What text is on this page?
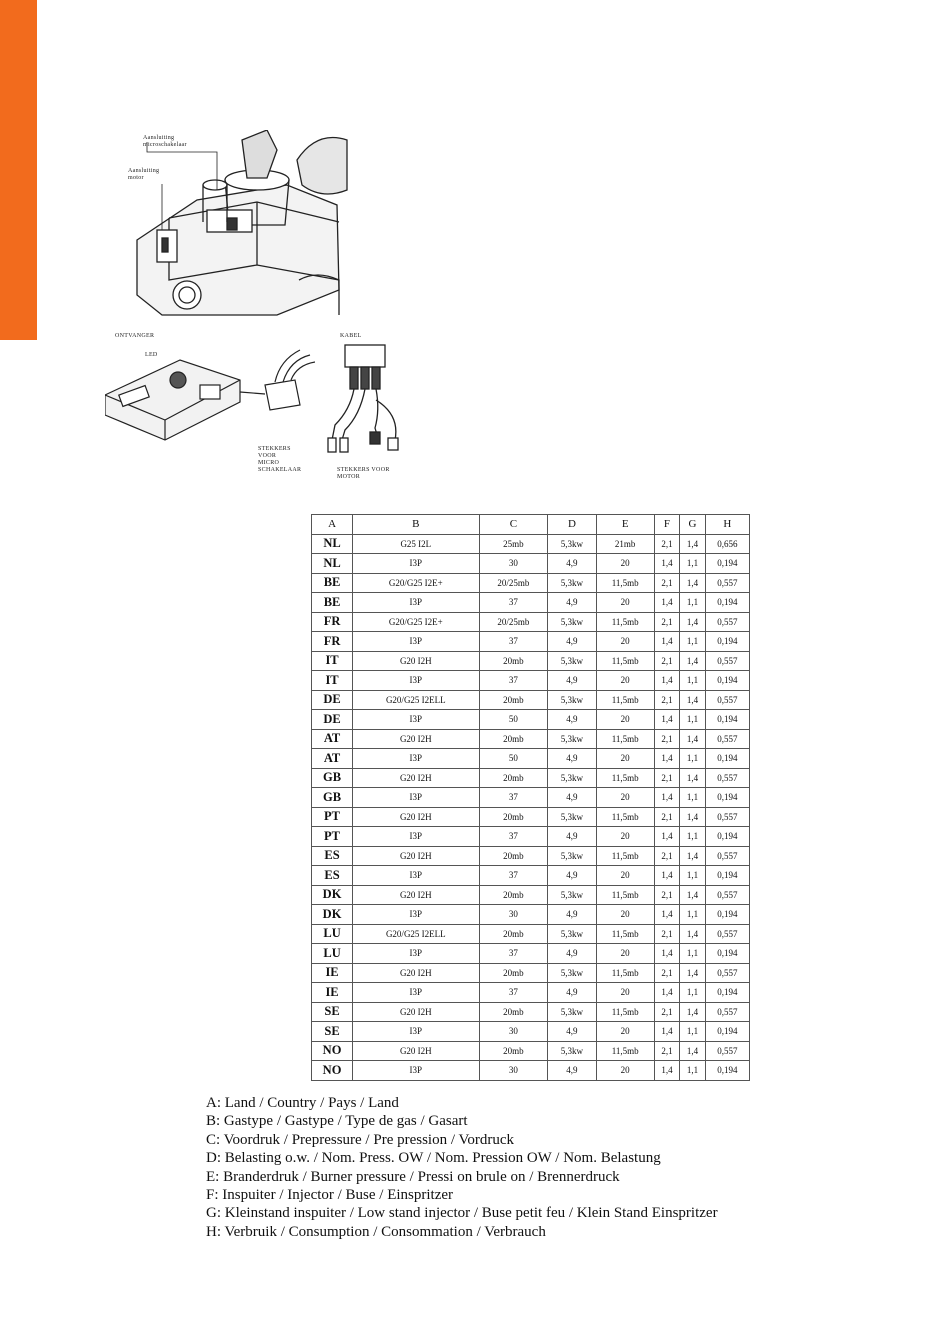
Aansluiting
microschakelaar
Aansluiting
motor
ONTVANGER
LED
STEKKERS
VOOR
MICRO
SCHAKELAAR
KABEL
STEKKERS VOOR
MOTOR
A	B	C	D	E	F	G	H
NL	G25 I2L	25mb	5,3kw	21mb	2,1	1,4	0,656
NL	I3P	30	4,9	20	1,4	1,1	0,194
BE	G20/G25 I2E+	20/25mb	5,3kw	11,5mb	2,1	1,4	0,557
BE	I3P	37	4,9	20	1,4	1,1	0,194
FR	G20/G25 I2E+	20/25mb	5,3kw	11,5mb	2,1	1,4	0,557
FR	I3P	37	4,9	20	1,4	1,1	0,194
IT	G20 I2H	20mb	5,3kw	11,5mb	2,1	1,4	0,557
IT	I3P	37	4,9	20	1,4	1,1	0,194
DE	G20/G25 I2ELL	20mb	5,3kw	11,5mb	2,1	1,4	0,557
DE	I3P	50	4,9	20	1,4	1,1	0,194
AT	G20 I2H	20mb	5,3kw	11,5mb	2,1	1,4	0,557
AT	I3P	50	4,9	20	1,4	1,1	0,194
GB	G20 I2H	20mb	5,3kw	11,5mb	2,1	1,4	0,557
GB	I3P	37	4,9	20	1,4	1,1	0,194
PT	G20 I2H	20mb	5,3kw	11,5mb	2,1	1,4	0,557
PT	I3P	37	4,9	20	1,4	1,1	0,194
ES	G20 I2H	20mb	5,3kw	11,5mb	2,1	1,4	0,557
ES	I3P	37	4,9	20	1,4	1,1	0,194
DK	G20 I2H	20mb	5,3kw	11,5mb	2,1	1,4	0,557
DK	I3P	30	4,9	20	1,4	1,1	0,194
LU	G20/G25 I2ELL	20mb	5,3kw	11,5mb	2,1	1,4	0,557
LU	I3P	37	4,9	20	1,4	1,1	0,194
IE	G20 I2H	20mb	5,3kw	11,5mb	2,1	1,4	0,557
IE	I3P	37	4,9	20	1,4	1,1	0,194
SE	G20 I2H	20mb	5,3kw	11,5mb	2,1	1,4	0,557
SE	I3P	30	4,9	20	1,4	1,1	0,194
NO	G20 I2H	20mb	5,3kw	11,5mb	2,1	1,4	0,557
NO	I3P	30	4,9	20	1,4	1,1	0,194
A: Land / Country / Pays / Land
B: Gastype / Gastype / Type de gas / Gasart
C: Voordruk / Prepressure / Pre pression / Vordruck
D: Belasting o.w. / Nom. Press. OW / Nom. Pression OW / Nom. Belastung
E: Branderdruk / Burner pressure / Pressi on brule on / Brennerdruck
F: Inspuiter / Injector / Buse / Einspritzer
G: Kleinstand inspuiter / Low stand injector / Buse petit feu / Klein Stand Einspritzer
H: Verbruik / Consumption / Consommation / Verbrauch
